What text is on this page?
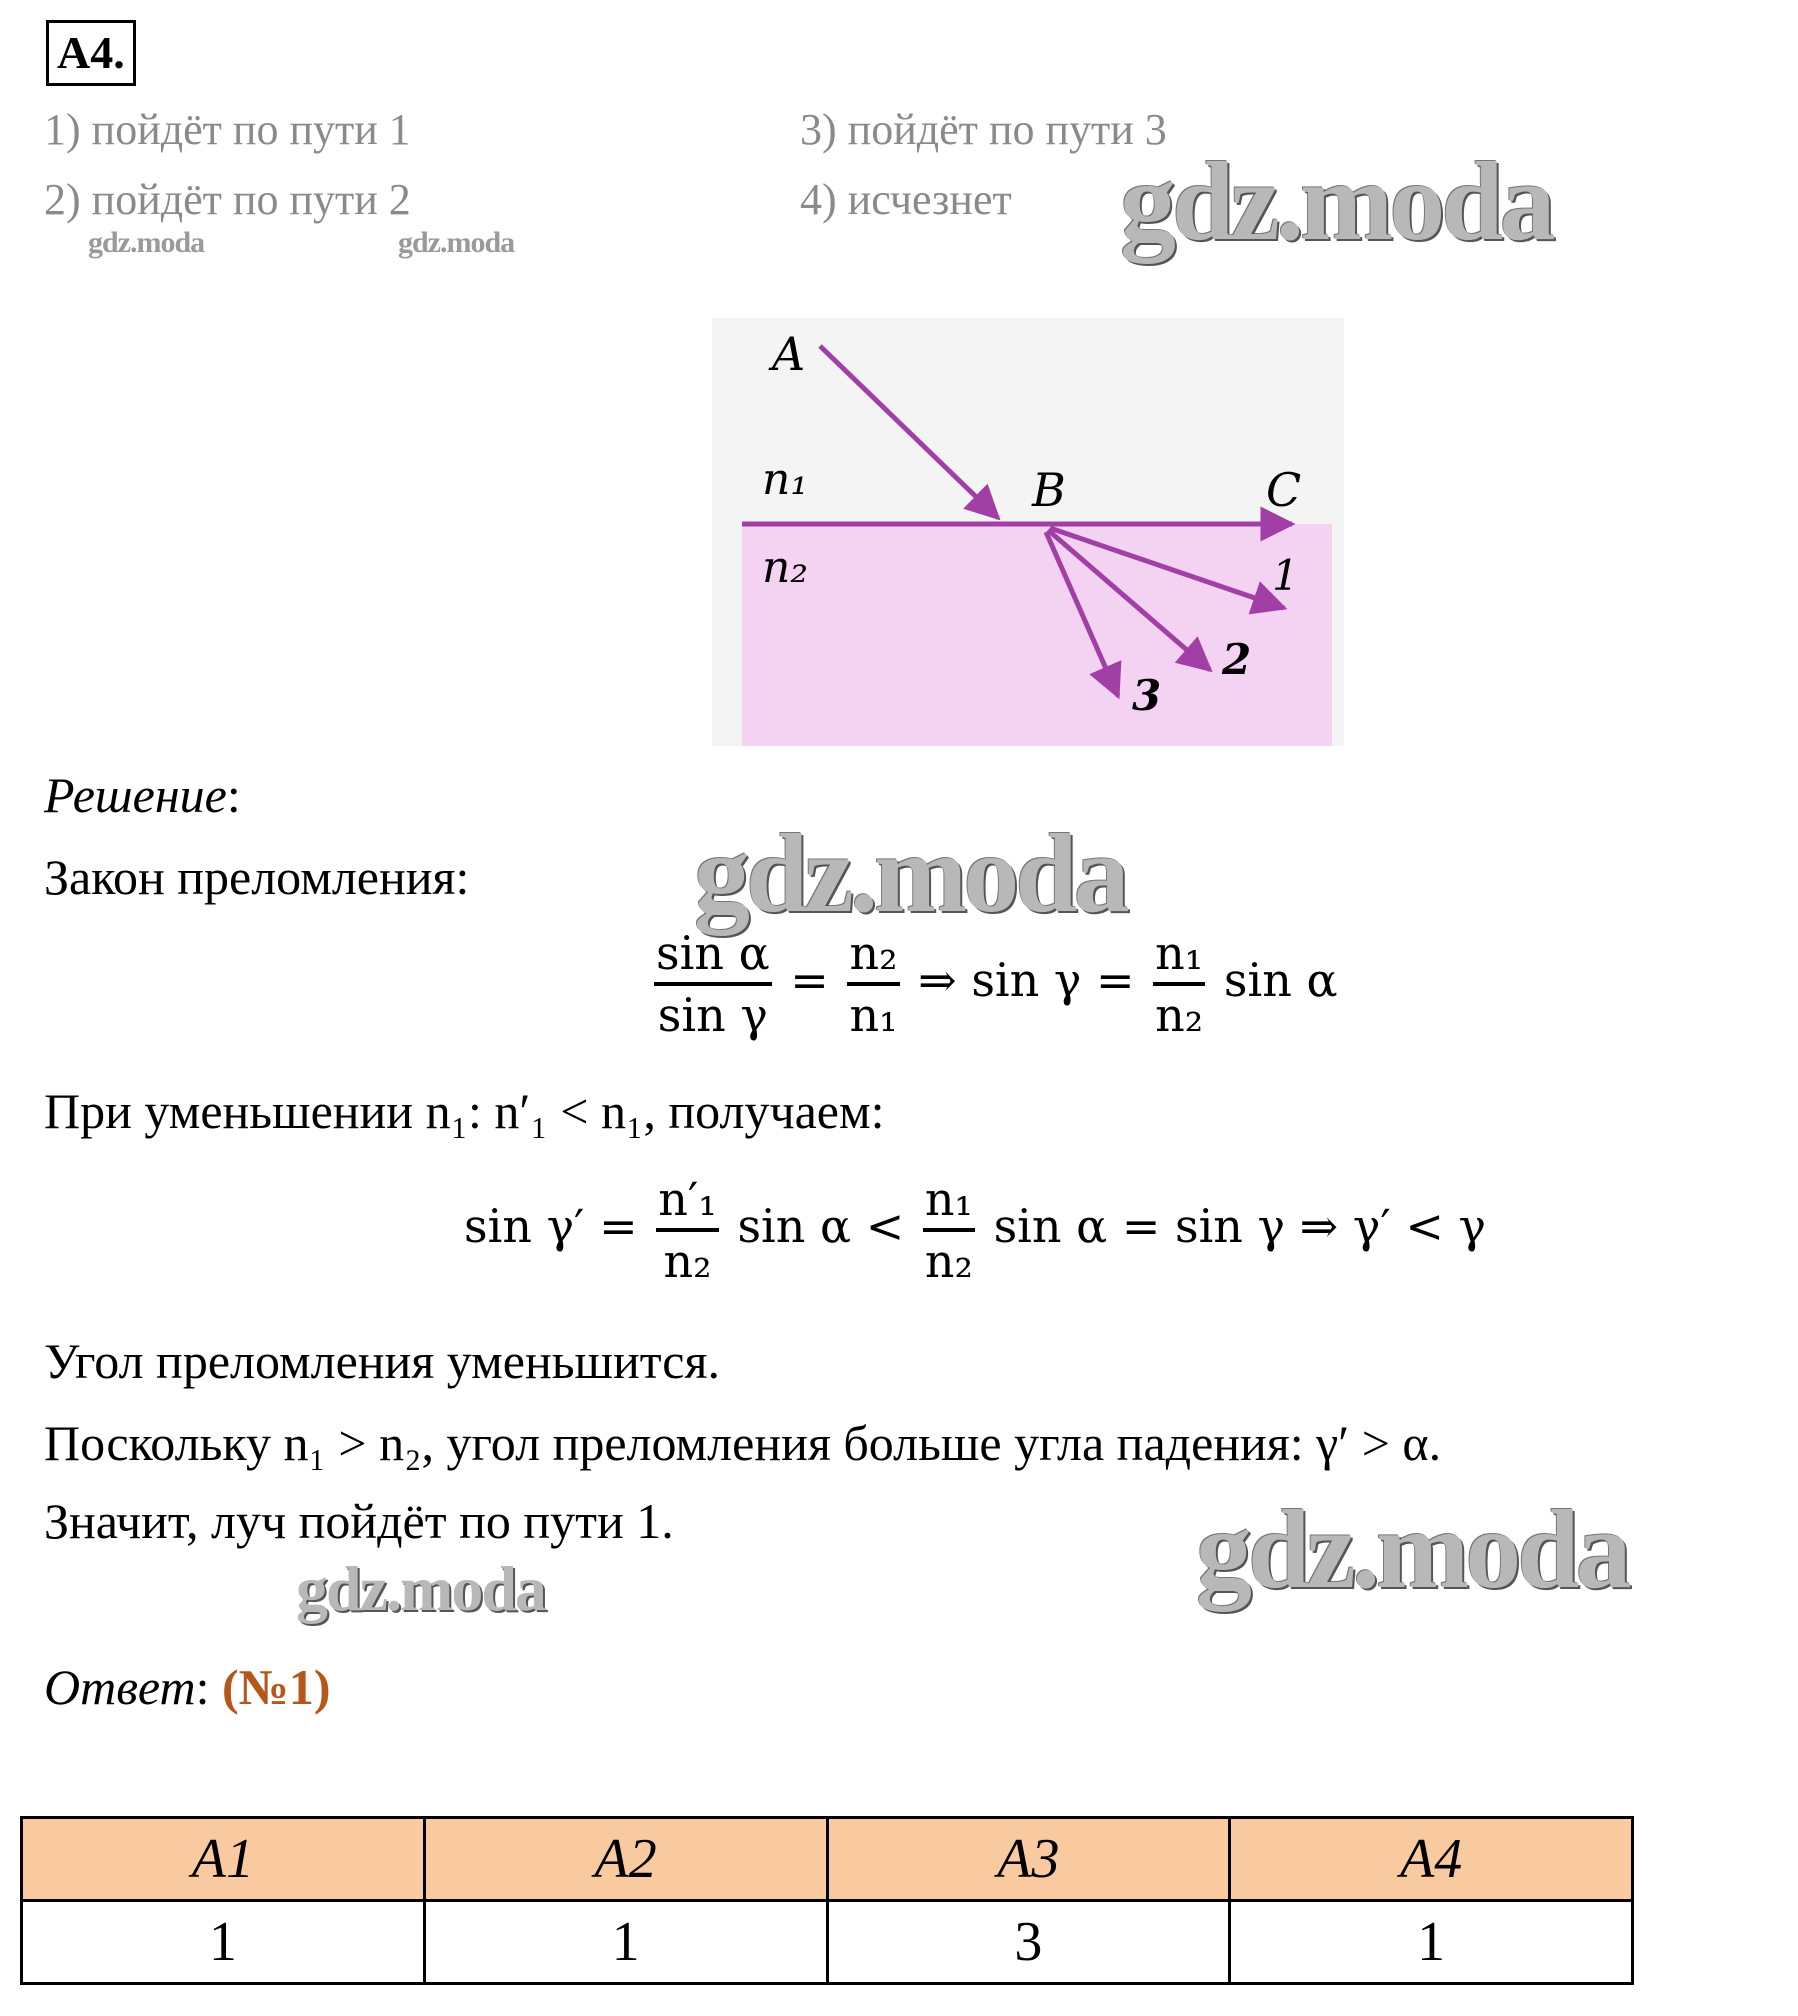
A4.
1) пойдёт по пути 1
2) пойдёт по пути 2
3) пойдёт по пути 3
4) исчезнет
gdz.moda	gdz.moda	gdz.moda
gdz.moda
gdz.moda
gdz.moda
A
B	C
n₁
n₂	1
2
3
Решение:
Закон преломления:
$\frac{\text{sin α}}{\text{sin γ}} = \frac{\text{n₂}}{\text{n₁}}$ ⇒ $\sin \gamma = \frac{\text{n₁}}{\text{n₂}}$ sin α
При уменьшении n₁: n′₁ < n₁, получаем:
$\sin \gamma' = \frac{\text{n′₁}}{\text{n₂}}$ $\sin \alpha < \frac{\text{n₁}}{\text{n₂}}$ sin α = sin γ ⇒ γ′ < γ
Угол преломления уменьшится.
Поскольку n₁ > n₂, угол преломления больше угла падения: γ′ > α.
Значит, луч пойдёт по пути 1.
Ответ: (№1)
A1	A2	A3	A4
1	1	3	1
